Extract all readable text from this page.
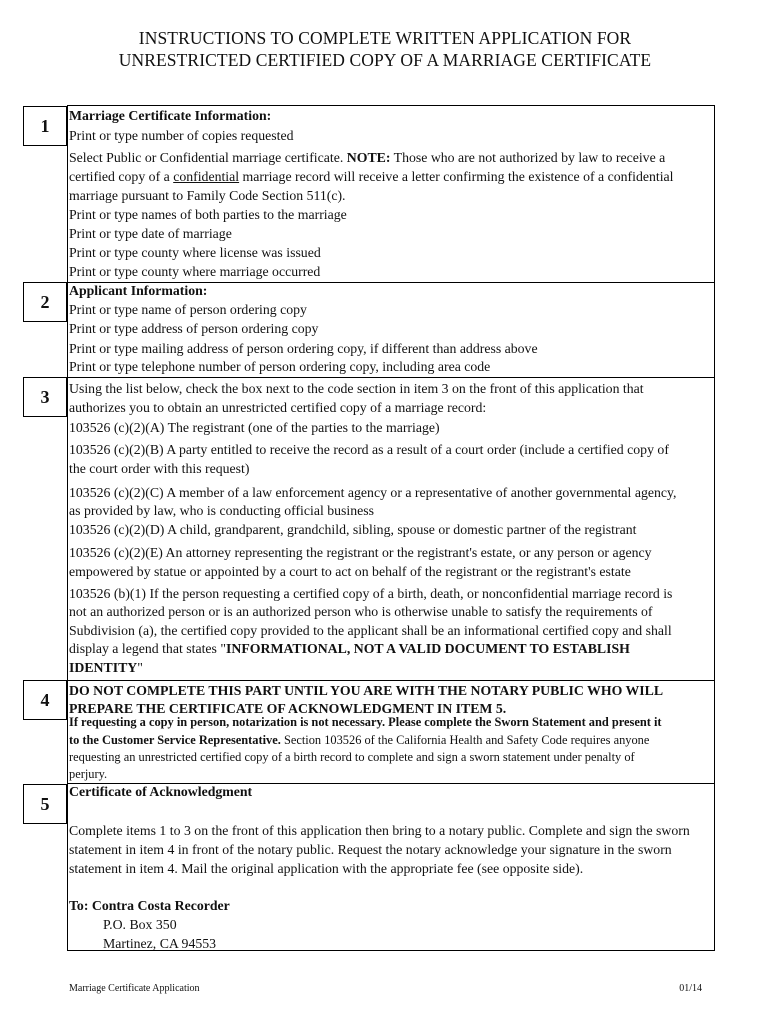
INSTRUCTIONS TO COMPLETE WRITTEN APPLICATION FOR
UNRESTRICTED CERTIFIED COPY OF A MARRIAGE CERTIFICATE
1
2
3
4
5
Marriage Certificate Information:
Print or type number of copies requested
Select Public or Confidential marriage certificate. NOTE: Those who are not authorized by law to receive a
certified copy of a confidential marriage record will receive a letter confirming the existence of a confidential
marriage pursuant to Family Code Section 511(c).
Print or type names of both parties to the marriage
Print or type date of marriage
Print or type county where license was issued
Print or type county where marriage occurred
Applicant Information:
Print or type name of person ordering copy
Print or type address of person ordering copy
Print or type mailing address of person ordering copy, if different than address above
Print or type telephone number of person ordering copy, including area code
Using the list below, check the box next to the code section in item 3 on the front of this application that
authorizes you to obtain an unrestricted certified copy of a marriage record:
103526 (c)(2)(A) The registrant (one of the parties to the marriage)
103526 (c)(2)(B) A party entitled to receive the record as a result of a court order (include a certified copy of
the court order with this request)
103526 (c)(2)(C) A member of a law enforcement agency or a representative of another governmental agency,
as provided by law, who is conducting official business
103526 (c)(2)(D) A child, grandparent, grandchild, sibling, spouse or domestic partner of the registrant
103526 (c)(2)(E) An attorney representing the registrant or the registrant's estate, or any person or agency
empowered by statue or appointed by a court to act on behalf of the registrant or the registrant's estate
103526 (b)(1) If the person requesting a certified copy of a birth, death, or nonconfidential marriage record is
not an authorized person or is an authorized person who is otherwise unable to satisfy the requirements of
Subdivision (a), the certified copy provided to the applicant shall be an informational certified copy and shall
display a legend that states "INFORMATIONAL, NOT A VALID DOCUMENT TO ESTABLISH
IDENTITY"
DO NOT COMPLETE THIS PART UNTIL YOU ARE WITH THE NOTARY PUBLIC WHO WILL
PREPARE THE CERTIFICATE OF ACKNOWLEDGMENT IN ITEM 5.
If requesting a copy in person, notarization is not necessary. Please complete the Sworn Statement and present it
to the Customer Service Representative. Section 103526 of the California Health and Safety Code requires anyone
requesting an unrestricted certified copy of a birth record to complete and sign a sworn statement under penalty of
perjury.
Certificate of Acknowledgment
Complete items 1 to 3 on the front of this application then bring to a notary public. Complete and sign the sworn
statement in item 4 in front of the notary public. Request the notary acknowledge your signature in the sworn
statement in item 4. Mail the original application with the appropriate fee (see opposite side).
To: Contra Costa Recorder
P.O. Box 350
Martinez, CA 94553
Marriage Certificate Application	01/14
